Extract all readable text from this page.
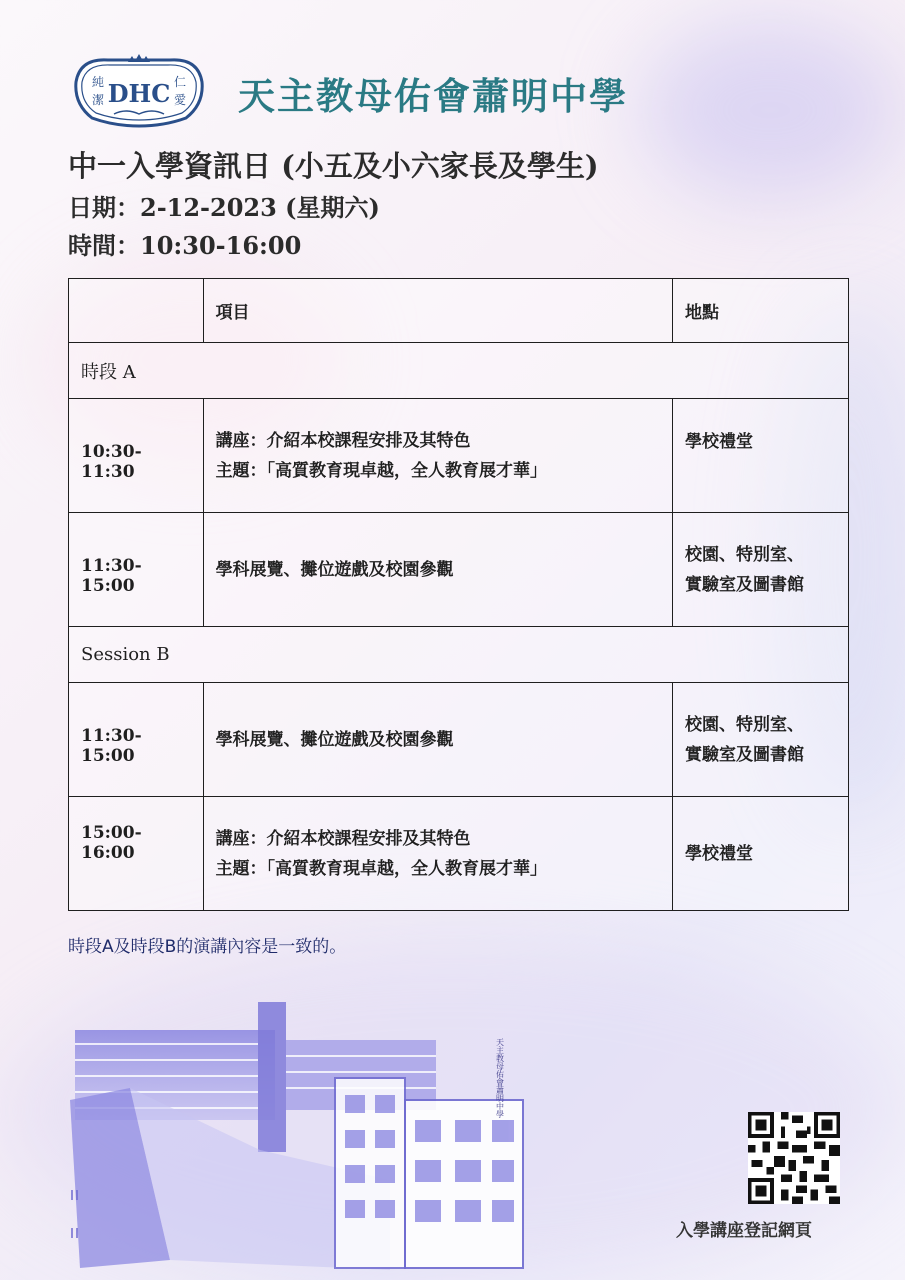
DHC
純
潔
仁
愛 天主教母佑會蕭明中學
中一入學資訊日 (小五及小六家長及學生)
日期：2-12-2023 (星期六)
時間：10:30-16:00
	項目	地點
時段 A		
10:30-11:30	講座：介紹本校課程安排及其特色
主題：「高質教育現卓越，全人教育展才華」	學校禮堂

11:30-15:00	學科展覽、攤位遊戲及校園參觀	校園、特別室、
實驗室及圖書館

Session B		
11:30-15:00	學科展覽、攤位遊戲及校園參觀	校園、特別室、
實驗室及圖書館

15:00-16:00	講座：介紹本校課程安排及其特色
主題：「高質教育現卓越，全人教育展才華」	學校禮堂
時段A及時段B的演講內容是一致的。
天主教母佑會蕭明中學
入學講座登記網頁
